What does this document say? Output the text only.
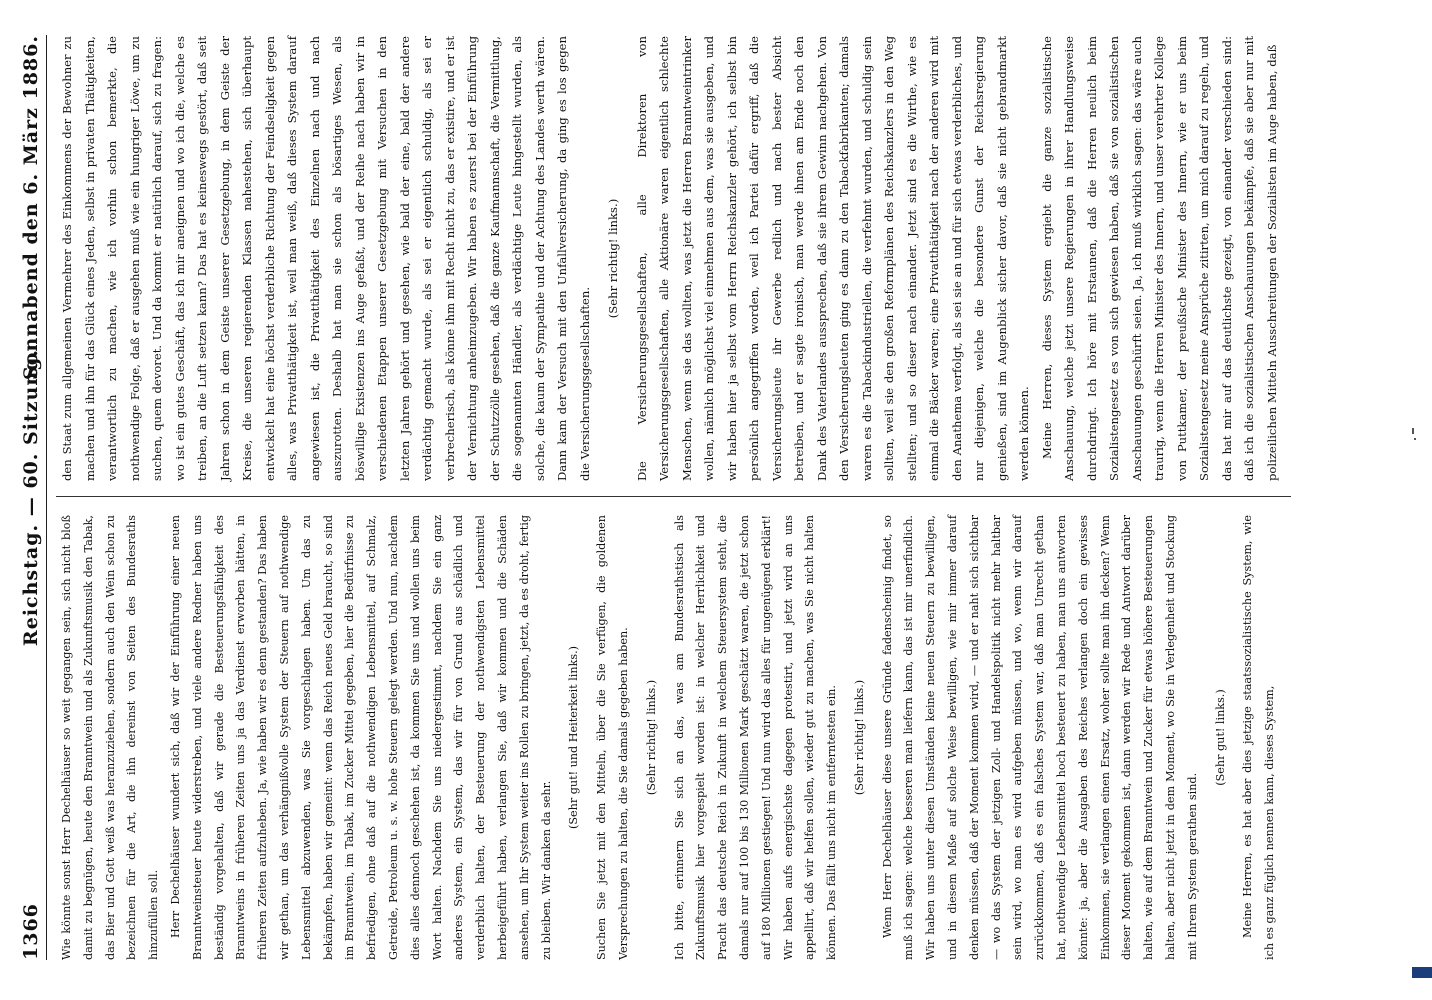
1366
Reichstag. — 60. Sitzung.
Sonnabend den 6. März 1886.

Wie könnte sonst Herr Dechelhäuser so weit gegangen sein, sich nicht bloß damit zu begnügen, heute den Branntwein und als Zukunftsmusik den Tabak, das Bier und Gott weiß was heranzuziehen, sondern auch den Wein schon zu bezeichnen für die Art, die ihn dereinst von Seiten des Bundesraths hinzufüllen soll. Herr Dechelhäuser wundert sich, daß wir der Einführung einer neuen Branntweinsteuer heute widerstreben, und viele andere Redner haben uns beständig vorgehalten, daß wir gerade die Besteuerungsfähigkeit des Branntweins in früheren Zeiten uns ja das Verdienst erworben hätten, in früheren Zeiten aufzuheben. Ja, wie haben wir es denn gestanden? Das haben wir gethan, um das verhängnißvolle System der Steuern auf nothwendige Lebensmittel abzuwenden, was Sie vorgeschlagen haben. Um das zu bekämpfen, haben wir gemeint: wenn das Reich neues Geld braucht, so sind im Branntwein, im Tabak, im Zucker Mittel gegeben, hier die Bedürfnisse zu befriedigen, ohne daß auf die nothwendigen Lebensmittel, auf Schmalz, Getreide, Petroleum u. s. w. hohe Steuern gelegt werden. Und nun, nachdem dies alles dennoch geschehen ist, da kommen Sie uns und wollen uns beim Wort halten. Nachdem Sie uns niedergestimmt, nachdem Sie ein ganz anderes System, ein System, das wir für von Grund aus schädlich und verderblich halten, der Besteuerung der nothwendigsten Lebensmittel herbeigeführt haben, verlangen Sie, daß wir kommen und die Schäden ansehen, um Ihr System weiter ins Rollen zu bringen, jetzt, da es droht, fertig zu bleiben. Wir danken da sehr.

(Sehr gut! und Heiterkeit links.)	Suchen Sie jetzt mit den Mitteln, über die Sie verfügen, die goldenen Versprechungen zu halten, die Sie damals gegeben haben.	(Sehr richtig! links.)	Ich bitte, erinnern Sie sich an das, was am Bundesrathstisch als Zukunftsmusik hier vorgespielt worden ist: in welcher Herrlichkeit und Pracht das deutsche Reich in Zukunft in welchem Steuersystem steht, die damals nur auf 100 bis 130 Millionen Mark geschätzt waren, die jetzt schon auf 180 Millionen gestiegen! Und nun wird das alles für ungenügend erklärt! Wir haben aufs energischste dagegen protestirt, und jetzt wird an uns appellirt, daß wir helfen sollen, wieder gut zu machen, was Sie nicht halten können. Das fällt uns nicht im entferntesten ein.	(Sehr richtig! links.)	Wenn Herr Dechelhäuser diese unsere Gründe fadenscheinig findet, so muß ich sagen: welche besseren man liefern kann, das ist mir unerfindlich. Wir haben uns unter diesen Umständen keine neuen Steuern zu bewilligen, und in diesem Maße auf solche Weise bewilligen, wie mir immer darauf denken müssen, daß der Moment kommen wird, — und er naht sich sichtbar — wo das System der jetzigen Zoll- und Handelspolitik nicht mehr haltbar sein wird, wo man es wird aufgeben müssen, und wo, wenn wir darauf zurückkommen, daß es ein falsches System war, daß man Unrecht gethan hat, nothwendige Lebensmittel hoch besteuert zu haben, man uns antworten könnte: ja, aber die Ausgaben des Reiches verlangen doch ein gewisses Einkommen, sie verlangen einen Ersatz, woher sollte man ihn decken? Wenn dieser Moment gekommen ist, dann werden wir Rede und Antwort darüber halten, wie auf dem Branntwein und Zucker für etwas höhere Besteuerungen halten, aber nicht jetzt in dem Moment, wo Sie in Verlegenheit und Stockung mit Ihrem System gerathen sind.

(Sehr gut! links.)	Meine Herren, es hat aber dies jetzige staatssozialistische System, wie ich es ganz füglich nennen kann, dieses System,

den Staat zum allgemeinen Vermehrer des Einkommens der Bewohner zu machen und ihn für das Glück eines Jeden, selbst in privaten Thätigkeiten, verantwortlich zu machen, wie ich vorhin schon bemerkte, die nothwendige Folge, daß er ausgehen muß wie ein hungriger Löwe, um zu suchen, quem devoret. Und da kommt er natürlich darauf, sich zu fragen: wo ist ein gutes Geschäft, das ich mir aneignen und wo ich die, welche es treiben, an die Luft setzen kann? Das hat es keineswegs gestört, daß seit Jahren schon in dem Geiste unserer Gesetzgebung, in dem Geiste der Kreise, die unseren regierenden Klassen nahestehen, sich überhaupt entwickelt hat eine höchst verderbliche Richtung der Feindseligkeit gegen alles, was Privatthätigkeit ist, weil man weiß, daß dieses System darauf angewiesen ist, die Privatthätigkeit des Einzelnen nach und nach auszurotten. Deshalb hat man sie schon als bösartiges Wesen, als böswillige Existenzen ins Auge gefaßt, und der Reihe nach haben wir in verschiedenen Etappen unserer Gesetzgebung mit Versuchen in den letzten Jahren gehört und gesehen, wie bald der eine, bald der andere verdächtig gemacht wurde, als sei er eigentlich schuldig, als sei er verbrecherisch, als könne ihm mit Recht nicht zu, das er existire, und er ist der Vernichtung anheimzugeben. Wir haben es zuerst bei der Einführung der Schutzzölle gesehen, daß die ganze Kaufmannschaft, die Vermittlung, die sogenannten Händler, als verdächtige Leute hingestellt wurden, als solche, die kaum der Sympathie und der Achtung des Landes werth wären. Dann kam der Versuch mit den Unfallversicherung, da ging es los gegen die Versicherungsgesellschaften.

(Sehr richtig! links.)	Die Versicherungsgesellschaften, alle Direktoren von Versicherungsgesellschaften, alle Aktionäre waren eigentlich schlechte Menschen, wenn sie das wollten, was jetzt die Herren Branntweintrinker wollen, nämlich möglichst viel einnehmen aus dem, was sie ausgeben, und wir haben hier ja selbst vom Herrn Reichskanzler gehört, ich selbst bin persönlich angegriffen worden, weil ich Partei dafür ergriff, daß die Versicherungsleute ihr Gewerbe redlich und nach bester Absicht betreiben, und er sagte ironisch, man werde ihnen am Ende noch den Dank des Vaterlandes aussprechen, daß sie ihrem Gewinn nachgehen. Von den Versicherungsleuten ging es dann zu den Tabackfabrikanten; damals waren es die Tabackindustriellen, die verfehmt wurden, und schuldig sein sollten, weil sie den großen Reformplänen des Reichskanzlers in den Weg stellten; und so dieser nach einander. Jetzt sind es die Wirthe, wie es einmal die Bäcker waren; eine Privatthätigkeit nach der anderen wird mit den Anathema verfolgt, als sei sie an und für sich etwas verderbliches, und nur diejenigen, welche die besondere Gunst der Reichsregierung genießen, sind im Augenblick sicher davor, daß sie nicht gebrandmarkt werden können. Meine Herren, dieses System ergiebt die ganze sozialistische Anschauung, welche jetzt unsere Regierungen in ihrer Handlungsweise durchdringt. Ich höre mit Erstaunen, daß die Herren neulich beim Sozialistengesetz es von sich gewiesen haben, daß sie von sozialistischen Anschauungen geschürft seien. Ja, ich muß wirklich sagen: das wäre auch traurig, wenn die Herren Minister des Innern, und unser verehrter Kollege von Puttkamer, der preußische Minister des Innern, wie er uns beim Sozialistengesetz meine Ansprüche zitirten, um mich darauf zu regeln, und das hat mir auf das deutlichste gezeigt, von einander verschieden sind: daß ich die sozialistischen Anschauungen bekämpfe, daß sie aber nur mit polizeilichen Mitteln Ausschreitungen der Sozialisten im Auge haben, daß
